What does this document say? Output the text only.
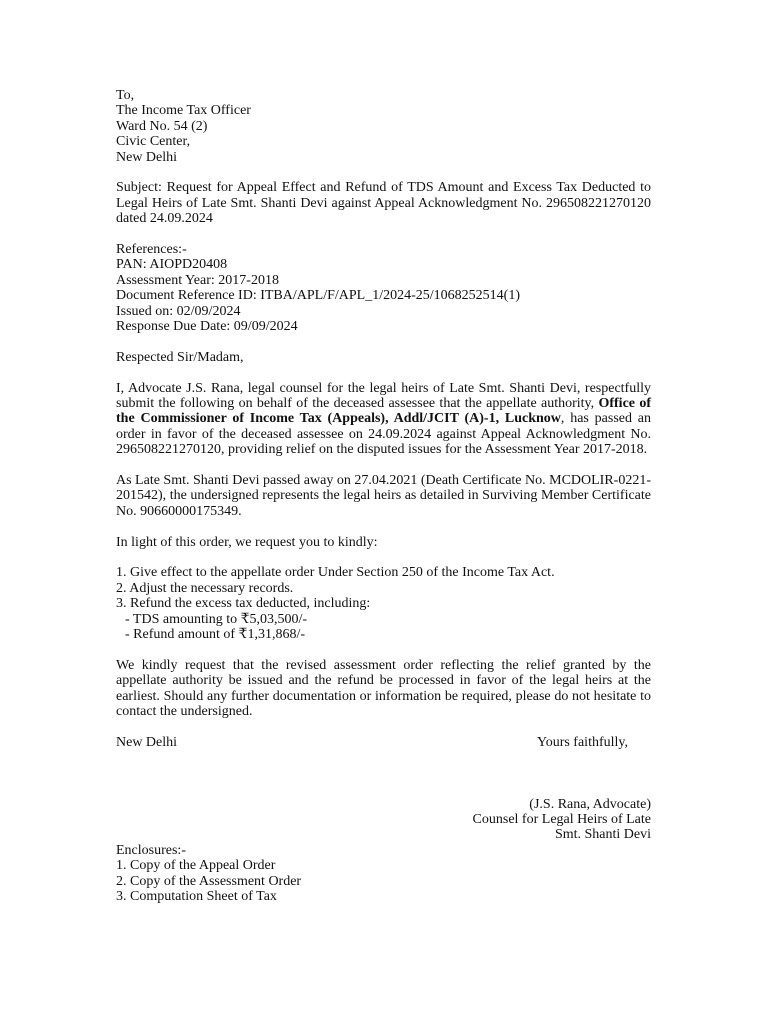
To,
The Income Tax Officer
Ward No. 54 (2)
Civic Center,
New Delhi
Subject: Request for Appeal Effect and Refund of TDS Amount and Excess Tax Deducted to Legal Heirs of Late Smt. Shanti Devi against Appeal Acknowledgment No. 296508221270120 dated 24.09.2024
References:-
PAN: AIOPD20408
Assessment Year: 2017-2018
Document Reference ID: ITBA/APL/F/APL_1/2024-25/1068252514(1)
Issued on: 02/09/2024
Response Due Date: 09/09/2024
Respected Sir/Madam,
I, Advocate J.S. Rana, legal counsel for the legal heirs of Late Smt. Shanti Devi, respectfully submit the following on behalf of the deceased assessee that the appellate authority, Office of the Commissioner of Income Tax (Appeals), Addl/JCIT (A)-1, Lucknow, has passed an order in favor of the deceased assessee on 24.09.2024 against Appeal Acknowledgment No. 296508221270120, providing relief on the disputed issues for the Assessment Year 2017-2018.
As Late Smt. Shanti Devi passed away on 27.04.2021 (Death Certificate No. MCDOLIR-0221-201542), the undersigned represents the legal heirs as detailed in Surviving Member Certificate No. 90660000175349.
In light of this order, we request you to kindly:
1. Give effect to the appellate order Under Section 250 of the Income Tax Act.
2. Adjust the necessary records.
3. Refund the excess tax deducted, including:
- TDS amounting to ₹5,03,500/-
- Refund amount of ₹1,31,868/-
We kindly request that the revised assessment order reflecting the relief granted by the appellate authority be issued and the refund be processed in favor of the legal heirs at the earliest. Should any further documentation or information be required, please do not hesitate to contact the undersigned.
New Delhi	Yours faithfully,
(J.S. Rana, Advocate)
Counsel for Legal Heirs of Late
Smt. Shanti Devi
Enclosures:-
1. Copy of the Appeal Order
2. Copy of the Assessment Order
3. Computation Sheet of Tax
